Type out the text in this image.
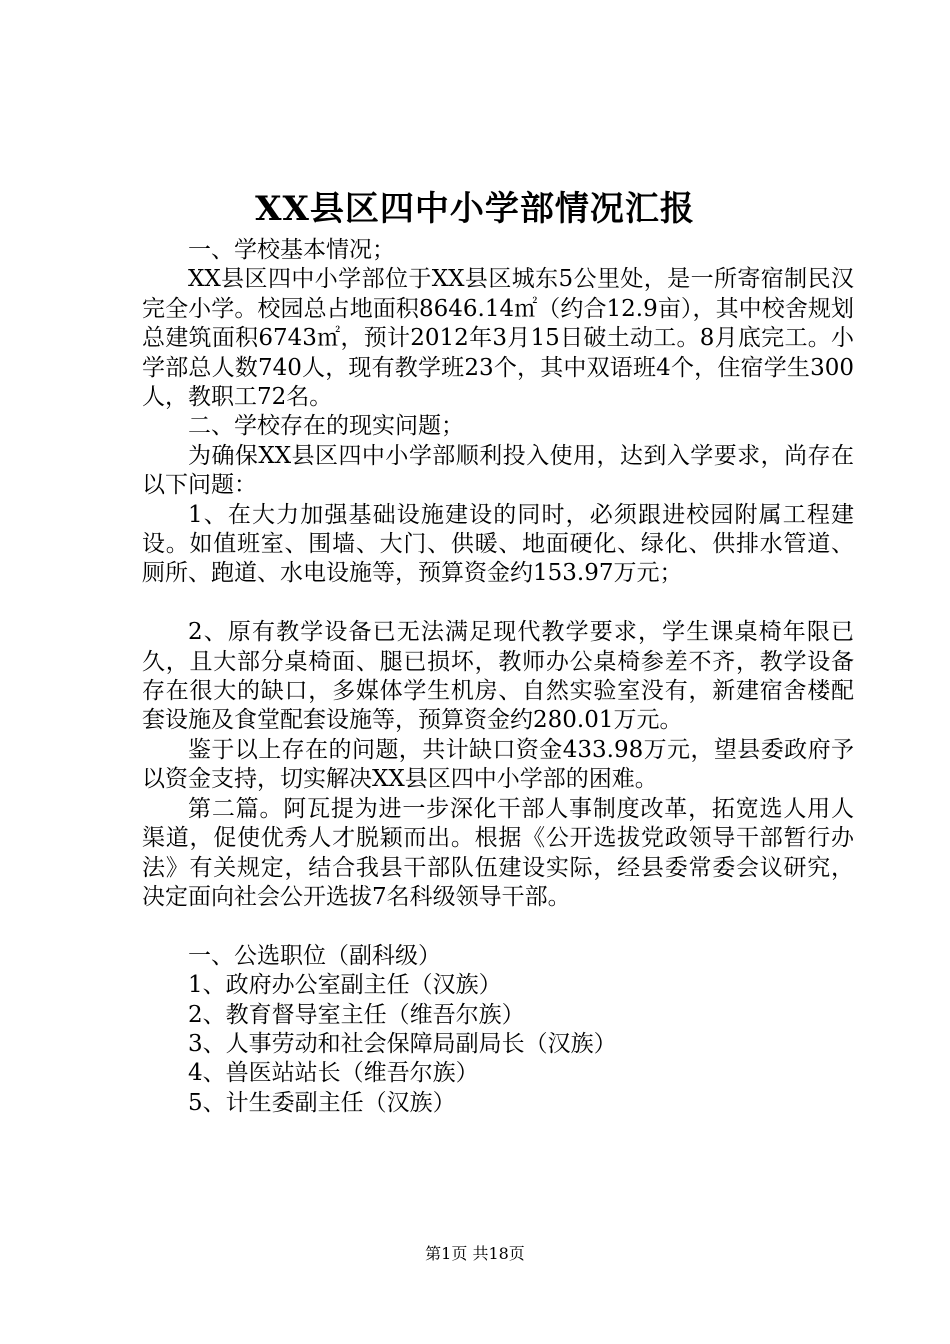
XX县区四中小学部情况汇报

一、学校基本情况；

XX县区四中小学部位于XX县区城东5公里处，是一所寄宿制民汉完全小学。校园总占地面积8646.14㎡（约合12.9亩），其中校舍规划总建筑面积6743㎡，预计2012年3月15日破土动工。8月底完工。小学部总人数740人，现有教学班23个，其中双语班4个，住宿学生300人，教职工72名。

二、学校存在的现实问题；

为确保XX县区四中小学部顺利投入使用，达到入学要求，尚存在以下问题：

1、在大力加强基础设施建设的同时，必须跟进校园附属工程建设。如值班室、围墙、大门、供暖、地面硬化、绿化、供排水管道、厕所、跑道、水电设施等，预算资金约153.97万元；

2、原有教学设备已无法满足现代教学要求，学生课桌椅年限已久，且大部分桌椅面、腿已损坏，教师办公桌椅参差不齐，教学设备存在很大的缺口，多媒体学生机房、自然实验室没有，新建宿舍楼配套设施及食堂配套设施等，预算资金约280.01万元。

鉴于以上存在的问题，共计缺口资金433.98万元，望县委政府予以资金支持，切实解决XX县区四中小学部的困难。

第二篇。阿瓦提为进一步深化干部人事制度改革，拓宽选人用人渠道，促使优秀人才脱颖而出。根据《公开选拔党政领导干部暂行办法》有关规定，结合我县干部队伍建设实际，经县委常委会议研究，决定面向社会公开选拔7名科级领导干部。

一、公选职位（副科级）

1、政府办公室副主任（汉族）

2、教育督导室主任（维吾尔族）

3、人事劳动和社会保障局副局长（汉族）

4、兽医站站长（维吾尔族）

5、计生委副主任（汉族）

第1页 共18页
